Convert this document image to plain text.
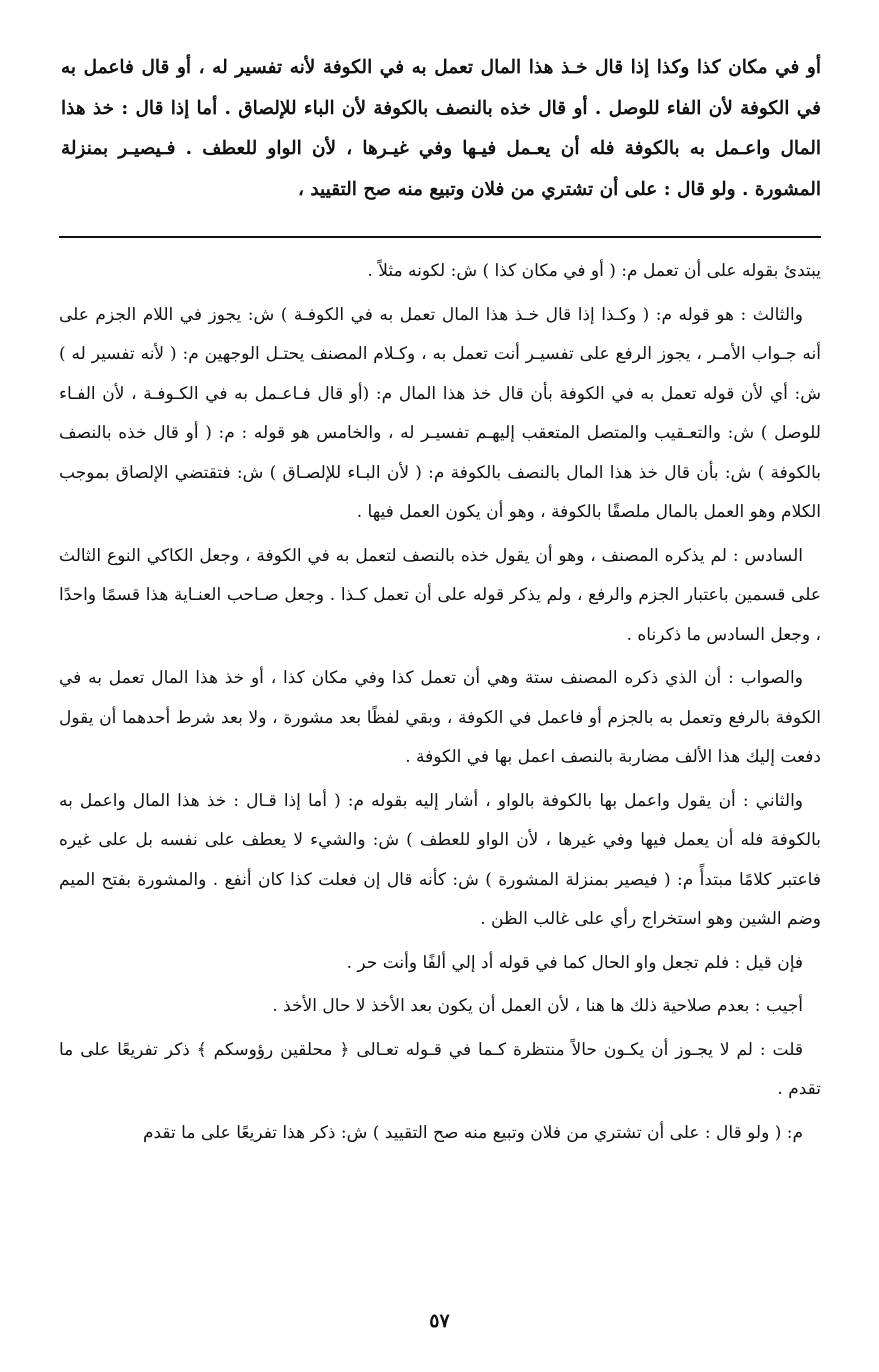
أو في مكان كذا وكذا إذا قال خـذ هذا المال تعمل به في الكوفة لأنه تفسير له ، أو قال فاعمل به في الكوفة لأن الفاء للوصل . أو قال خذه بالنصف بالكوفة لأن الباء للإلصاق . أما إذا قال : خذ هذا المال واعـمل به بالكوفة فله أن يعـمل فيـها وفي غيـرها ، لأن الواو للعطف . فـيصيـر بمنزلة المشورة . ولو قال : على أن تشتري من فلان وتبيع منه صح التقييد ،

يبتدئ بقوله على أن تعمل م: ( أو في مكان كذا ) ش: لكونه مثلاً .

والثالث : هو قوله م: ( وكـذا إذا قال خـذ هذا المال تعمل به في الكوفـة ) ش: يجوز في اللام الجزم على أنه جـواب الأمـر ، يجوز الرفع على تفسيـر أنت تعمل به ، وكـلام المصنف يحتـل الوجهين م: ( لأنه تفسير له ) ش: أي لأن قوله تعمل به في الكوفة بأن قال خذ هذا المال م: (أو قال فـاعـمل به في الكـوفـة ، لأن الفـاء للوصل ) ش: والتعـقيب والمتصل المتعقب إليهـم تفسيـر له ، والخامس هو قوله : م: ( أو قال خذه بالنصف بالكوفة ) ش: بأن قال خذ هذا المال بالنصف بالكوفة م: ( لأن البـاء للإلصـاق ) ش: فتقتضي الإلصاق بموجب الكلام وهو العمل بالمال ملصقًا بالكوفة ، وهو أن يكون العمل فيها .

السادس : لم يذكره المصنف ، وهو أن يقول خذه بالنصف لتعمل به في الكوفة ، وجعل الكاكي النوع الثالث على قسمين باعتبار الجزم والرفع ، ولم يذكر قوله على أن تعمل كـذا . وجعل صـاحب العنـاية هذا قسمًا واحدًا ، وجعل السادس ما ذكرناه .

والصواب : أن الذي ذكره المصنف ستة وهي أن تعمل كذا وفي مكان كذا ، أو خذ هذا المال تعمل به في الكوفة بالرفع وتعمل به بالجزم أو فاعمل في الكوفة ، وبقي لفظًا بعد مشورة ، ولا بعد شرط أحدهما أن يقول دفعت إليك هذا الألف مضاربة بالنصف اعمل بها في الكوفة .

والثاني : أن يقول واعمل بها بالكوفة بالواو ، أشار إليه بقوله م: ( أما إذا قـال : خذ هذا المال واعمل به بالكوفة فله أن يعمل فيها وفي غيرها ، لأن الواو للعطف ) ش: والشيء لا يعطف على نفسه بل على غيره فاعتبر كلامًا مبتدأً م: ( فيصير بمنزلة المشورة ) ش: كأنه قال إن فعلت كذا كان أنفع . والمشورة بفتح الميم وضم الشين وهو استخراج رأي على غالب الظن .

فإن قيل : فلم تجعل واو الحال كما في قوله أد إلي ألفًا وأنت حر .

أجيب : بعدم صلاحية ذلك ها هنا ، لأن العمل أن يكون بعد الأخذ لا حال الأخذ .

قلت : لم لا يجـوز أن يكـون حالاً منتظرة كـما في قـوله تعـالى ﴿ محلقين رؤوسكم ﴾ ذكر تفريعًا على ما تقدم .

م: ( ولو قال : على أن تشتري من فلان وتبيع منه صح التقييد ) ش: ذكر هذا تفريعًا على ما تقدم

٥٧
